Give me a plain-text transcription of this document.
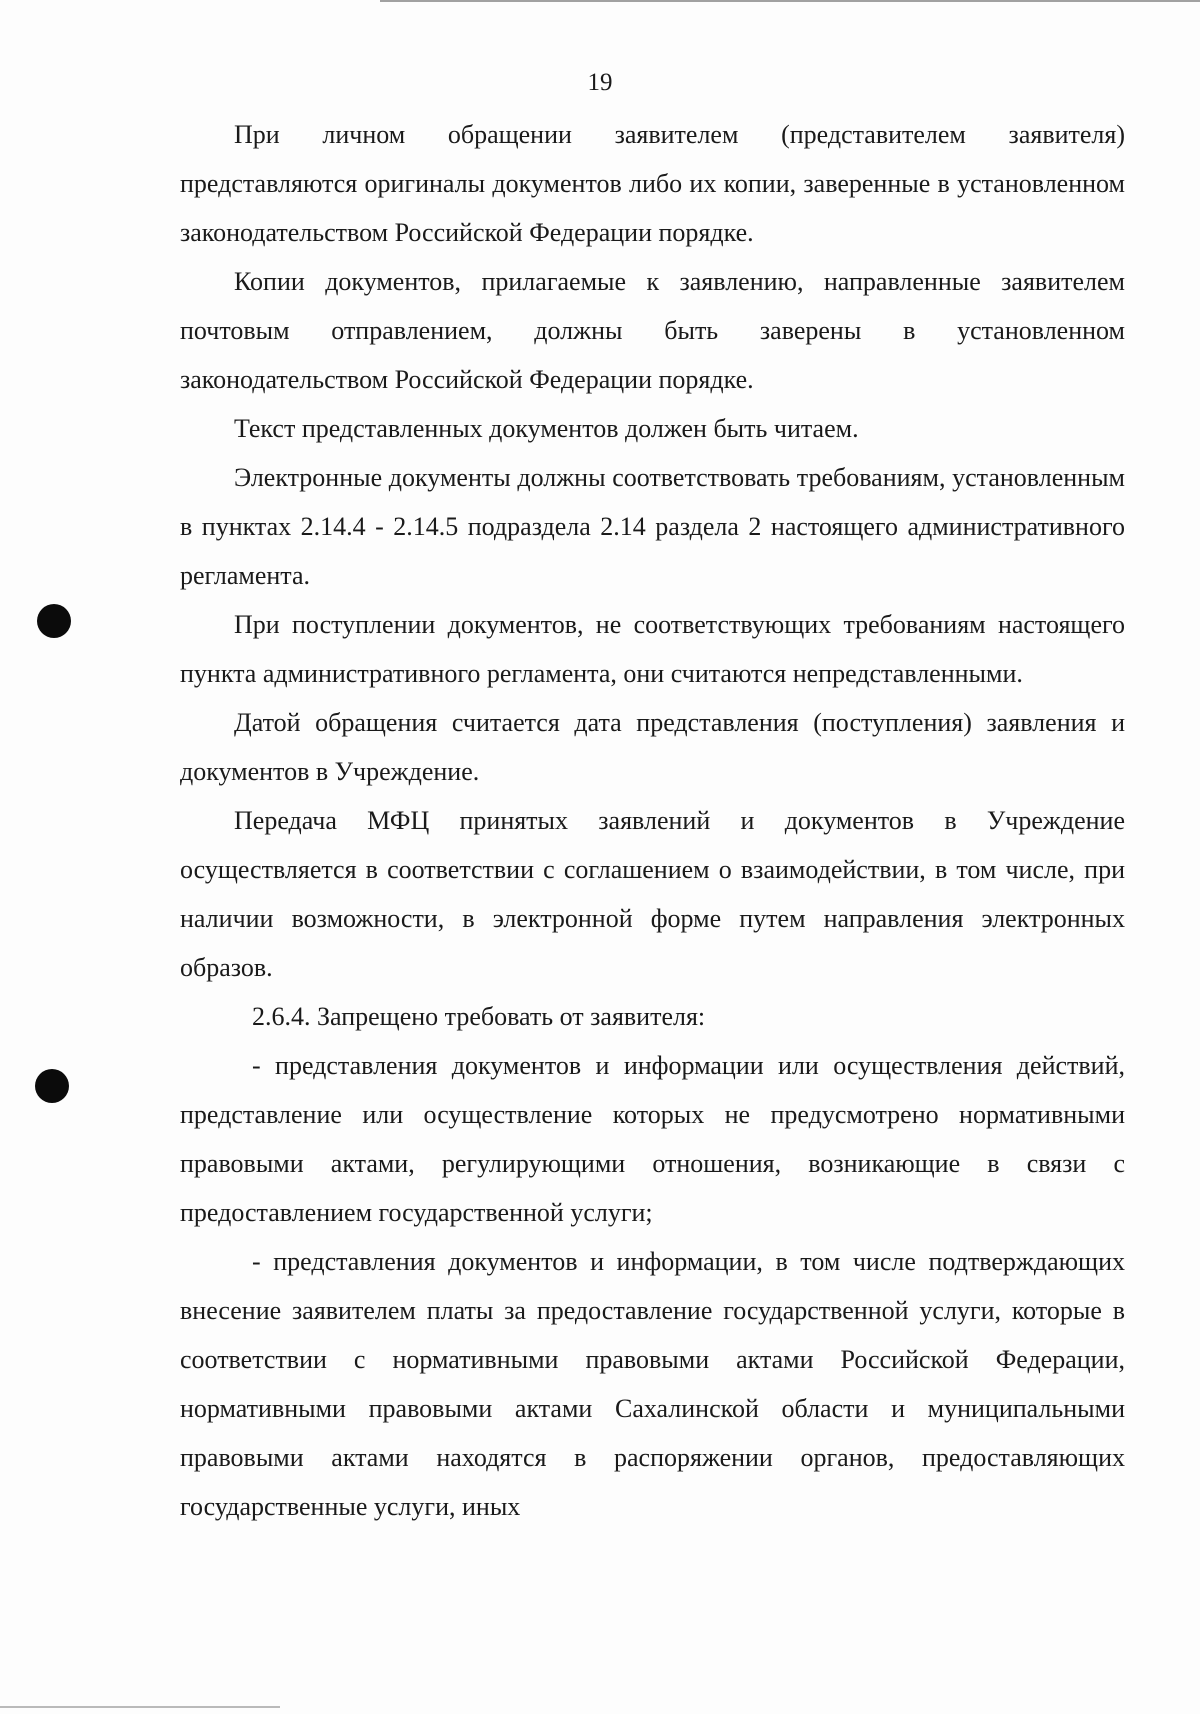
19

При личном обращении заявителем (представителем заявителя) представляются оригиналы документов либо их копии, заверенные в установленном законодательством Российской Федерации порядке.

Копии документов, прилагаемые к заявлению, направленные заявителем почтовым отправлением, должны быть заверены в установленном законодательством Российской Федерации порядке.

Текст представленных документов должен быть читаем.

Электронные документы должны соответствовать требованиям, установленным в пунктах 2.14.4 - 2.14.5 подраздела 2.14 раздела 2 настоящего административного регламента.

При поступлении документов, не соответствующих требованиям настоящего пункта административного регламента, они считаются непредставленными.

Датой обращения считается дата представления (поступления) заявления и документов в Учреждение.

Передача МФЦ принятых заявлений и документов в Учреждение осуществляется в соответствии с соглашением о взаимодействии, в том числе, при наличии возможности, в электронной форме путем направления электронных образов.

2.6.4. Запрещено требовать от заявителя:

- представления документов и информации или осуществления действий, представление или осуществление которых не предусмотрено нормативными правовыми актами, регулирующими отношения, возникающие в связи с предоставлением государственной услуги;

- представления документов и информации, в том числе подтверждающих внесение заявителем платы за предоставление государственной услуги, которые в соответствии с нормативными правовыми актами Российской Федерации, нормативными правовыми актами Сахалинской области и муниципальными правовыми актами находятся в распоряжении органов, предоставляющих государственные услуги, иных
